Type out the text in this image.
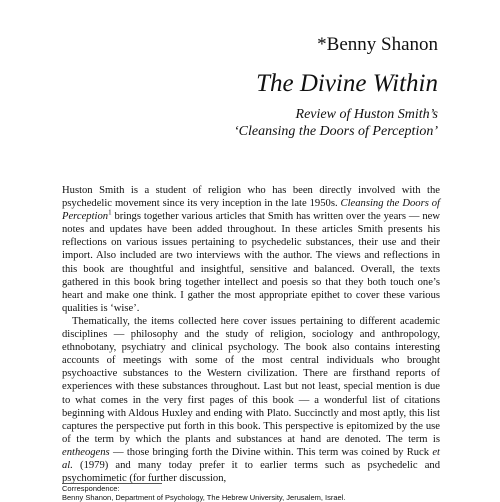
*Benny Shanon
The Divine Within
Review of Huston Smith’s
‘Cleansing the Doors of Perception’

Huston Smith is a student of religion who has been directly involved with the psychedelic movement since its very inception in the late 1950s. Cleansing the Doors of Perception$^1$ brings together various articles that Smith has written over the years — new notes and updates have been added throughout. In these articles Smith presents his reflections on various issues pertaining to psychedelic substances, their use and their import. Also included are two interviews with the author. The views and reflections in this book are thoughtful and insightful, sensitive and balanced. Overall, the texts gathered in this book bring together intellect and poesis so that they both touch one’s heart and make one think. I gather the most appropriate epithet to cover these various qualities is ‘wise’.

Thematically, the items collected here cover issues pertaining to different academic disciplines — philosophy and the study of religion, sociology and anthropology, ethnobotany, psychiatry and clinical psychology. The book also contains interesting accounts of meetings with some of the most central individuals who brought psychoactive substances to the Western civilization. There are firsthand reports of experiences with these substances throughout. Last but not least, special mention is due to what comes in the very first pages of this book — a wonderful list of citations beginning with Aldous Huxley and ending with Plato. Succinctly and most aptly, this list captures the perspective put forth in this book. This perspective is epitomized by the use of the term by which the plants and substances at hand are denoted. The term is entheogens — those bringing forth the Divine within. This term was coined by Ruck et al. (1979) and many today prefer it to earlier terms such as psychedelic and psychomimetic (for further discussion,

Correspondence:
Benny Shanon, Department of Psychology, The Hebrew University, Jerusalem, Israel.
